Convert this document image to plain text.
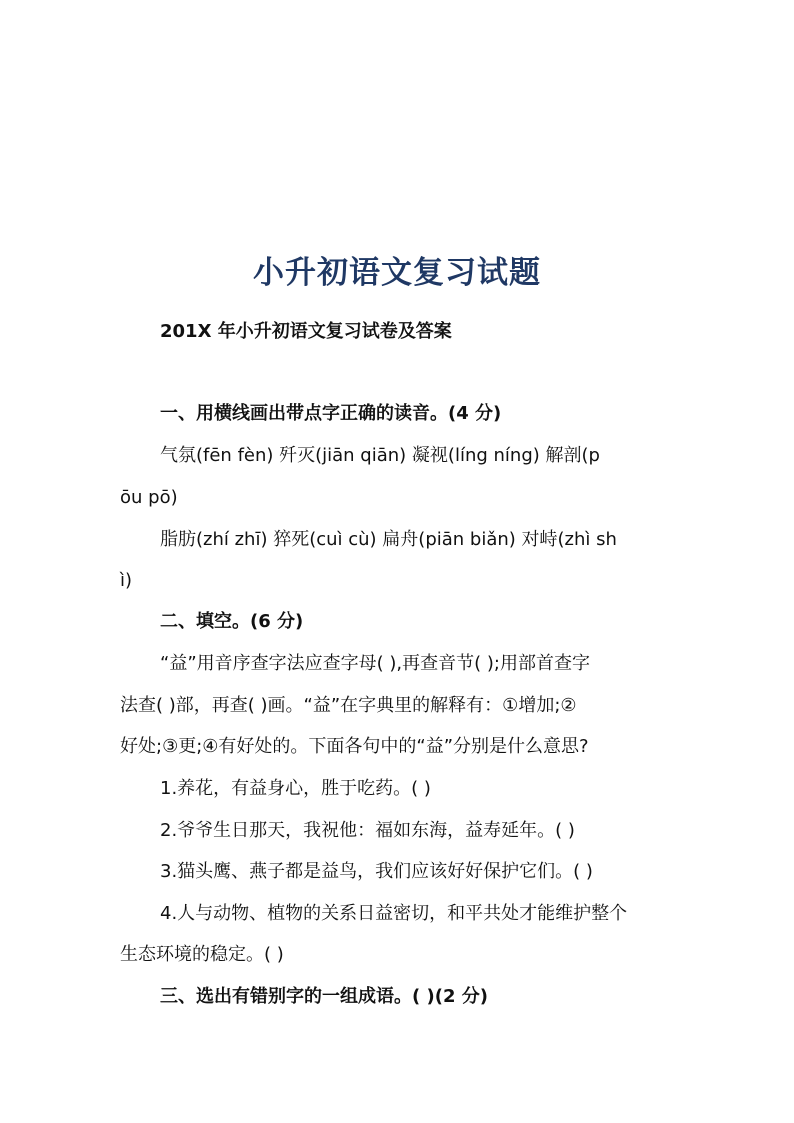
小升初语文复习试题
201X 年小升初语文复习试卷及答案
一、用横线画出带点字正确的读音。(4 分)
气氛(fēn fèn) 歼灭(jiān qiān) 凝视(líng níng) 解剖(p
ōu pō)
脂肪(zhí zhī) 猝死(cuì cù) 扁舟(piān biǎn) 对峙(zhì sh
ì)
二、填空。(6 分)
“益”用音序查字法应查字母( ),再查音节( );用部首查字
法查( )部，再查( )画。“益”在字典里的解释有：①增加;②
好处;③更;④有好处的。下面各句中的“益”分别是什么意思?
1.养花，有益身心，胜于吃药。( )
2.爷爷生日那天，我祝他：福如东海，益寿延年。( )
3.猫头鹰、燕子都是益鸟，我们应该好好保护它们。( )
4.人与动物、植物的关系日益密切，和平共处才能维护整个
生态环境的稳定。( )
三、选出有错别字的一组成语。( )(2 分)
